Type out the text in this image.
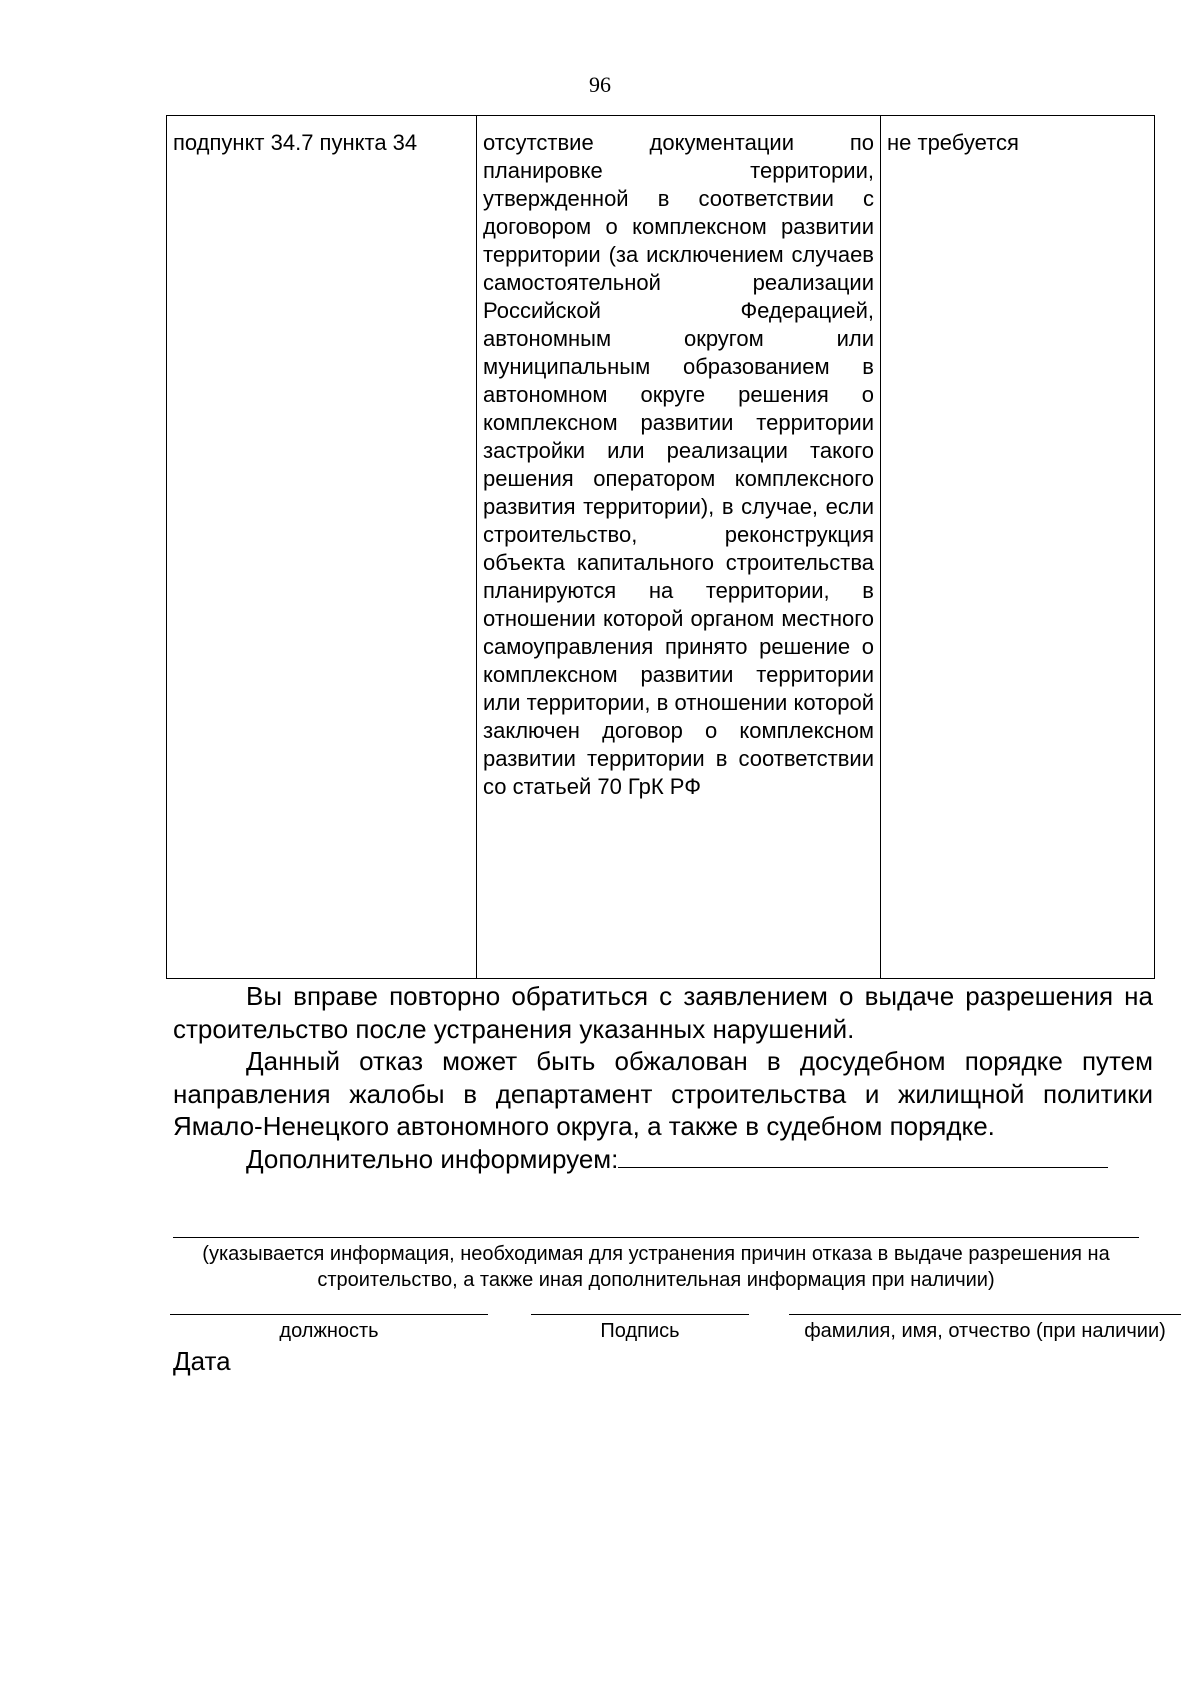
96
подпункт 34.7 пункта 34	отсутствие документации по планировке территории, утвержденной в соответствии с договором о комплексном развитии территории (за исключением случаев самостоятельной реализации Российской Федерацией, автономным округом или муниципальным образованием в автономном округе решения о комплексном развитии территории застройки или реализации такого решения оператором комплексного развития территории), в случае, если строительство, реконструкция объекта капитального строительства планируются на территории, в отношении которой органом местного самоуправления принято решение о комплексном развитии территории или территории, в отношении которой заключен договор о комплексном развитии территории в соответствии со статьей 70 ГрК РФ	не требуется

Вы вправе повторно обратиться с заявлением о выдаче разрешения на строительство после устранения указанных нарушений.

Данный отказ может быть обжалован в досудебном порядке путем направления жалобы в департамент строительства и жилищной политики Ямало-Ненецкого автономного округа, а также в судебном порядке.

Дополнительно информируем:

(указывается информация, необходимая для устранения причин отказа в выдаче разрешения на строительство, а также иная дополнительная информация при наличии)
должность	Подпись	фамилия, имя, отчество (при наличии)
Дата
